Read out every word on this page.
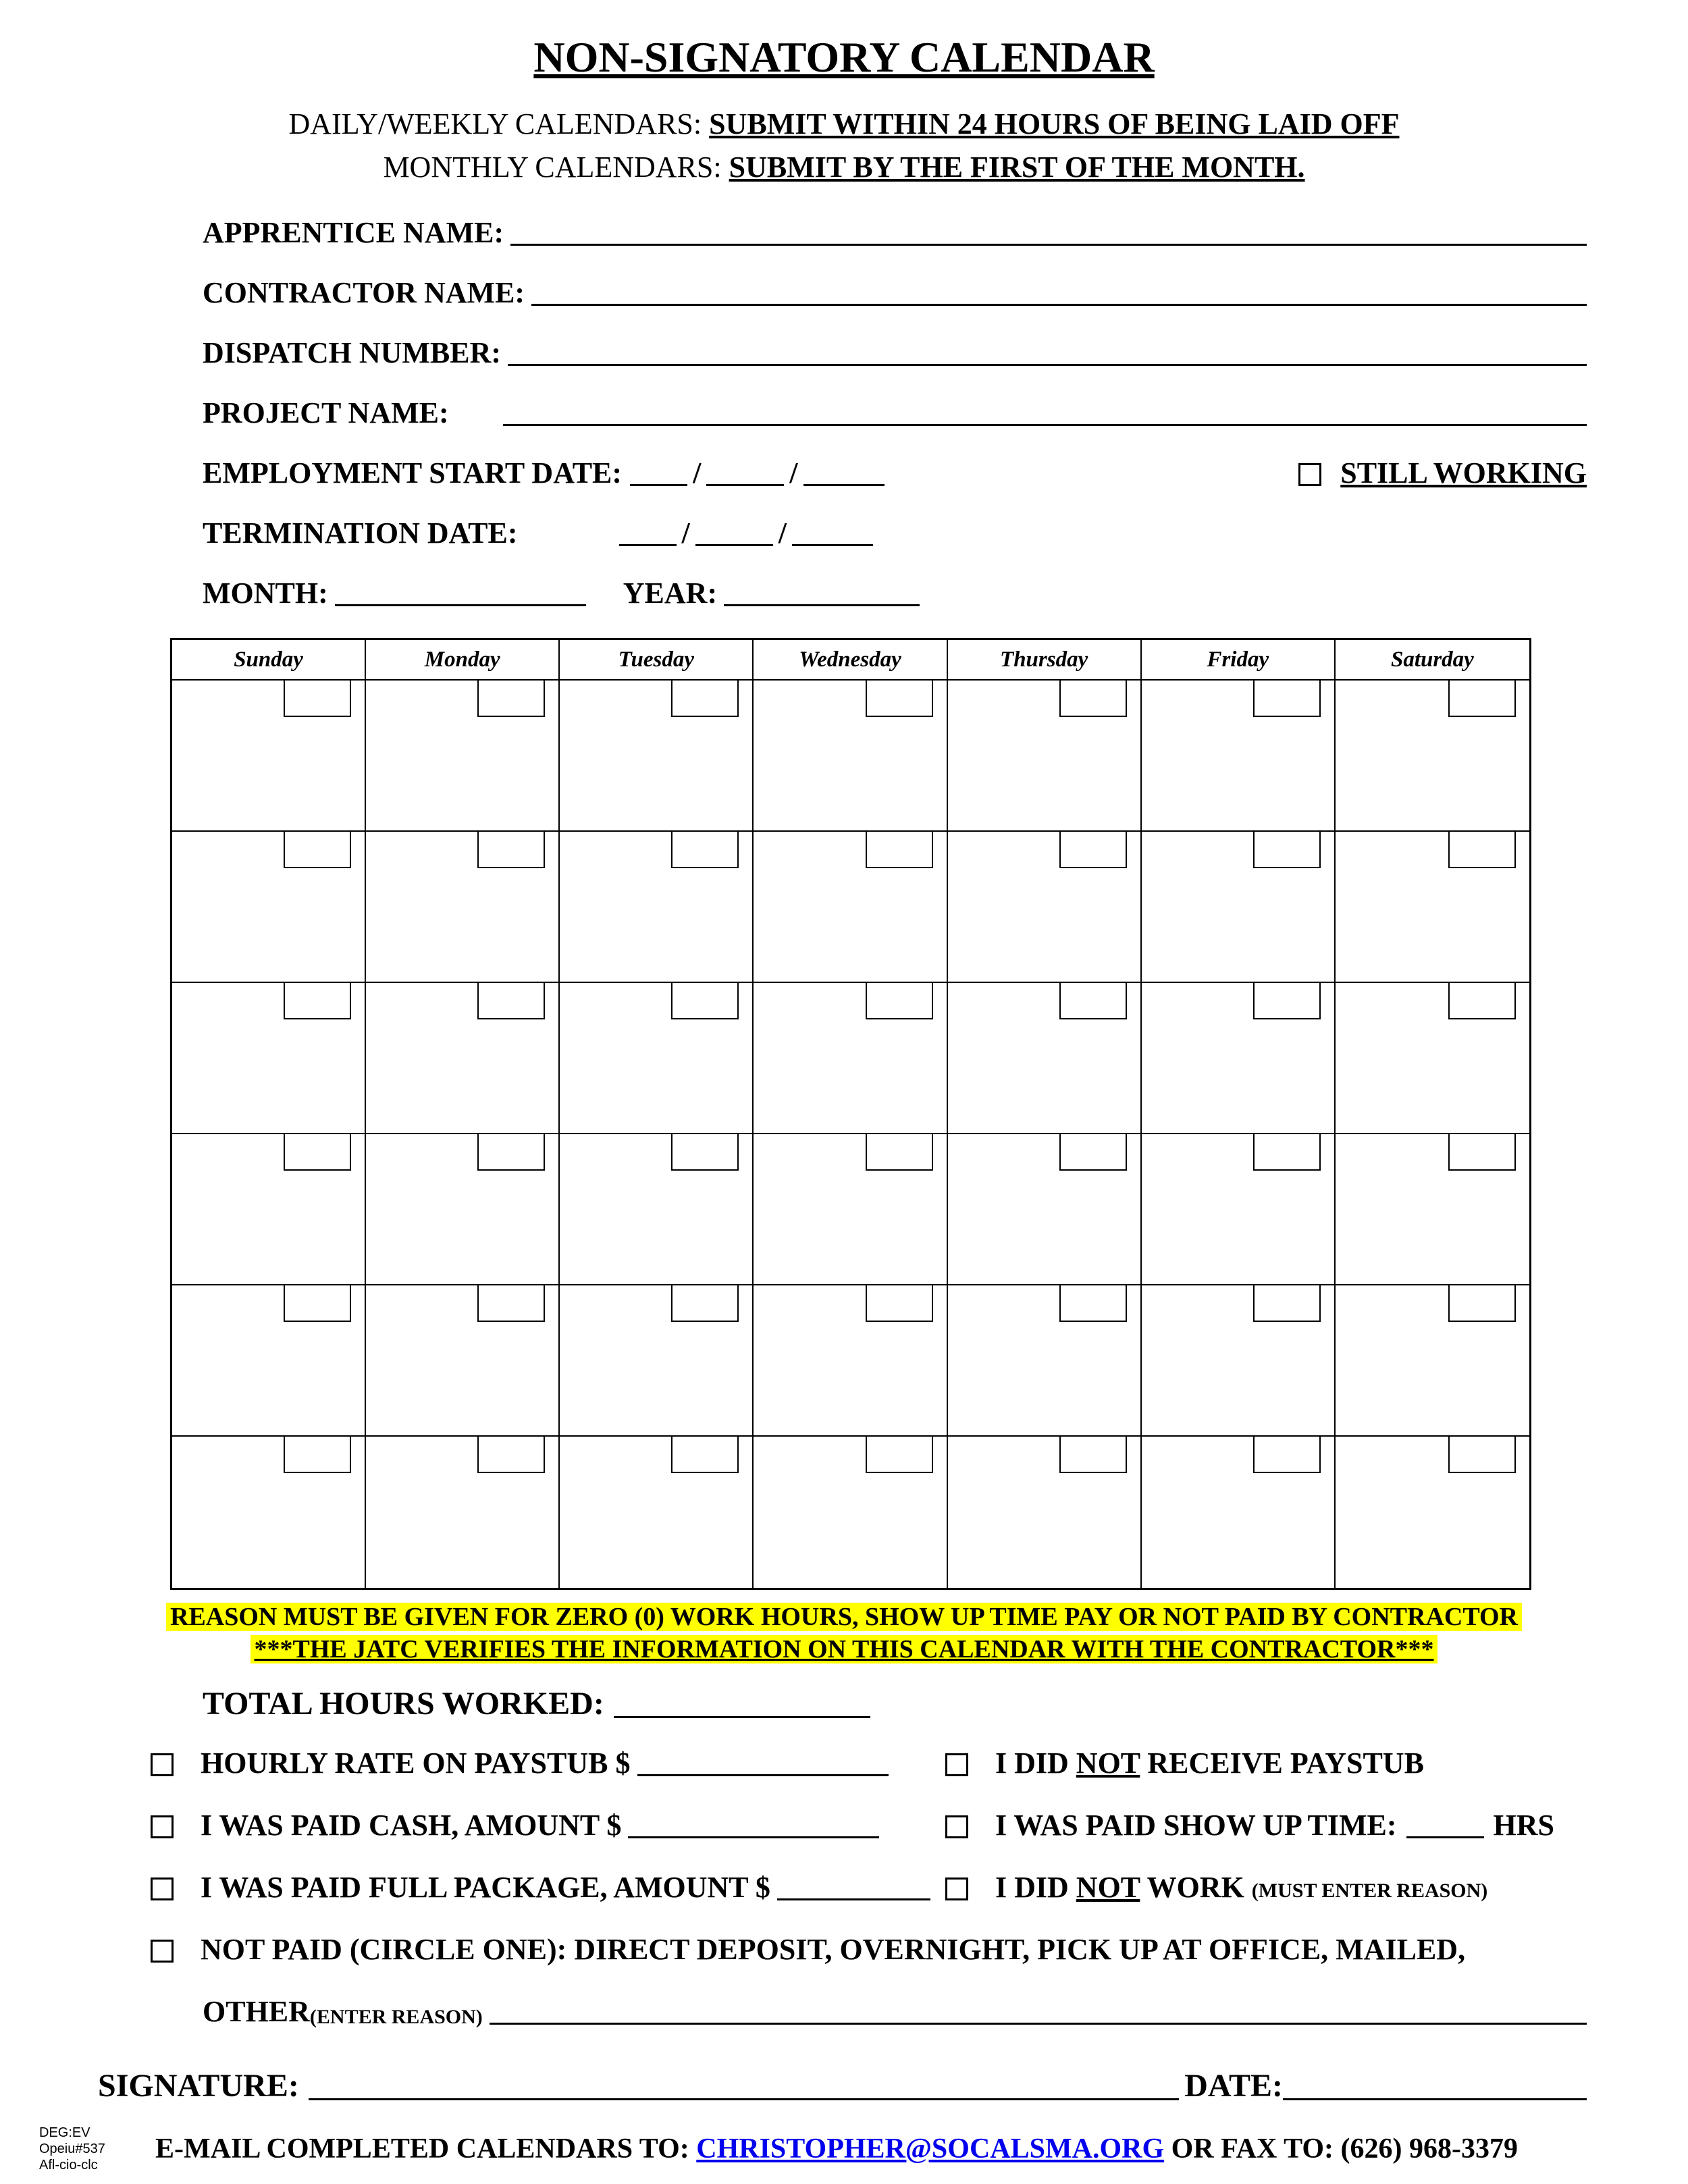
NON-SIGNATORY CALENDAR
DAILY/WEEKLY CALENDARS: SUBMIT WITHIN 24 HOURS OF BEING LAID OFF
MONTHLY CALENDARS: SUBMIT BY THE FIRST OF THE MONTH.
APPRENTICE NAME:
CONTRACTOR NAME:
DISPATCH NUMBER:
PROJECT NAME:
EMPLOYMENT START DATE: /	/	STILL WORKING
TERMINATION DATE:	/	/
MONTH:	YEAR:
Sunday	Monday	Tuesday	Wednesday	Thursday	Friday	Saturday
REASON MUST BE GIVEN FOR ZERO (0) WORK HOURS, SHOW UP TIME PAY OR NOT PAID BY CONTRACTOR
***THE JATC VERIFIES THE INFORMATION ON THIS CALENDAR WITH THE CONTRACTOR***
TOTAL HOURS WORKED:
HOURLY RATE ON PAYSTUB $	I DID NOT RECEIVE PAYSTUB
I WAS PAID CASH, AMOUNT $	I WAS PAID SHOW UP TIME:	HRS
I WAS PAID FULL PACKAGE, AMOUNT $	I DID NOT WORK (MUST ENTER REASON)
NOT PAID (CIRCLE ONE): DIRECT DEPOSIT, OVERNIGHT, PICK UP AT OFFICE, MAILED,
OTHER (ENTER REASON)
SIGNATURE:	DATE:
DEG:EV
Opeiu#537
Afl-cio-clc
E-MAIL COMPLETED CALENDARS TO: CHRISTOPHER@SOCALSMA.ORG OR FAX TO: (626) 968-3379
